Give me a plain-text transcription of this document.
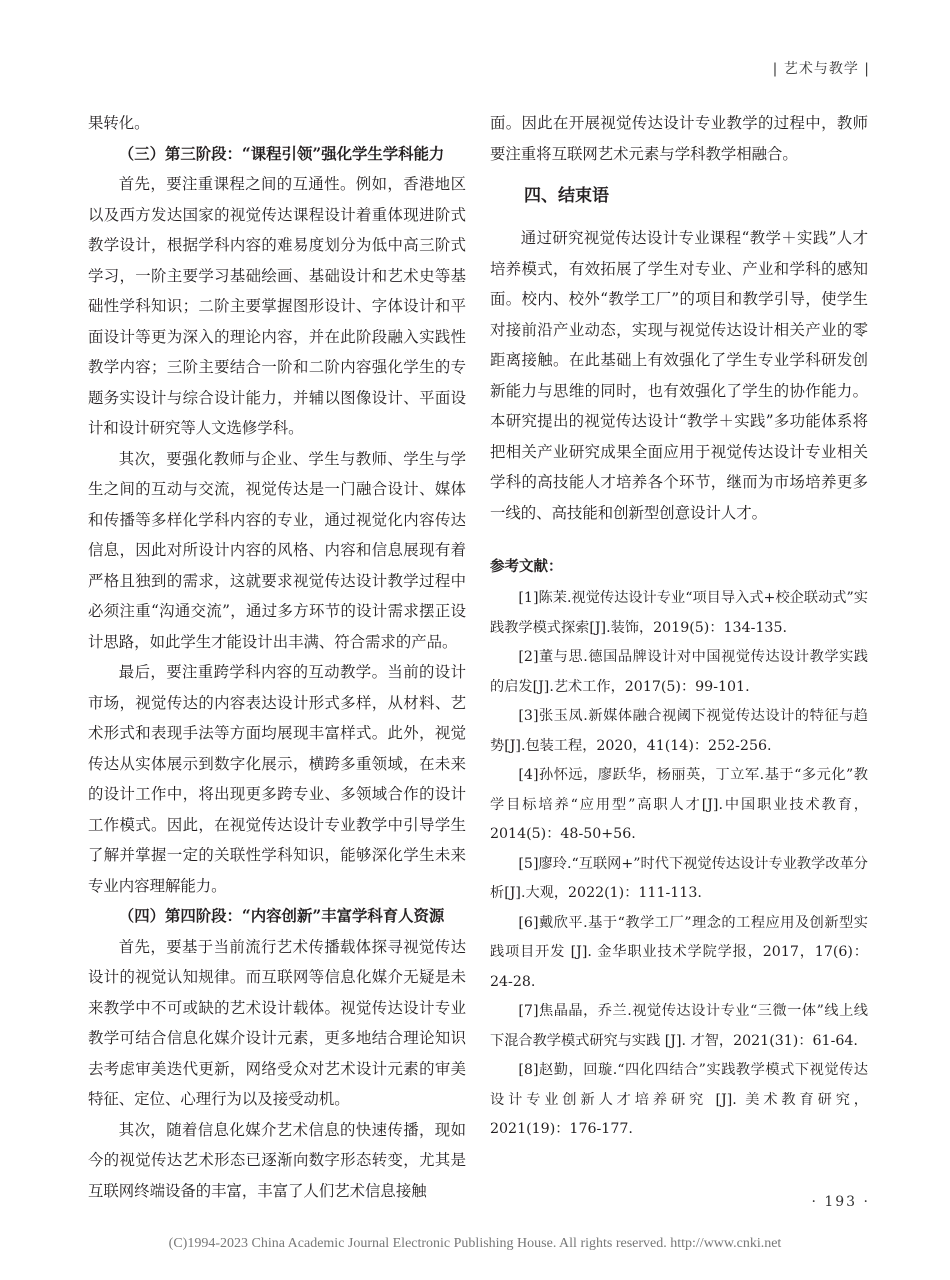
| 艺术与教学 |

果转化。

（三）第三阶段：“课程引领”强化学生学科能力

首先，要注重课程之间的互通性。例如，香港地区以及西方发达国家的视觉传达课程设计着重体现进阶式教学设计，根据学科内容的难易度划分为低中高三阶式学习，一阶主要学习基础绘画、基础设计和艺术史等基础性学科知识；二阶主要掌握图形设计、字体设计和平面设计等更为深入的理论内容，并在此阶段融入实践性教学内容；三阶主要结合一阶和二阶内容强化学生的专题务实设计与综合设计能力，并辅以图像设计、平面设计和设计研究等人文选修学科。

其次，要强化教师与企业、学生与教师、学生与学生之间的互动与交流，视觉传达是一门融合设计、媒体和传播等多样化学科内容的专业，通过视觉化内容传达信息，因此对所设计内容的风格、内容和信息展现有着严格且独到的需求，这就要求视觉传达设计教学过程中必须注重“沟通交流”，通过多方环节的设计需求摆正设计思路，如此学生才能设计出丰满、符合需求的产品。

最后，要注重跨学科内容的互动教学。当前的设计市场，视觉传达的内容表达设计形式多样，从材料、艺术形式和表现手法等方面均展现丰富样式。此外，视觉传达从实体展示到数字化展示，横跨多重领域，在未来的设计工作中，将出现更多跨专业、多领域合作的设计工作模式。因此，在视觉传达设计专业教学中引导学生了解并掌握一定的关联性学科知识，能够深化学生未来专业内容理解能力。

（四）第四阶段：“内容创新”丰富学科育人资源

首先，要基于当前流行艺术传播载体探寻视觉传达设计的视觉认知规律。而互联网等信息化媒介无疑是未来教学中不可或缺的艺术设计载体。视觉传达设计专业教学可结合信息化媒介设计元素，更多地结合理论知识去考虑审美迭代更新，网络受众对艺术设计元素的审美特征、定位、心理行为以及接受动机。

其次，随着信息化媒介艺术信息的快速传播，现如今的视觉传达艺术形态已逐渐向数字形态转变，尤其是互联网终端设备的丰富，丰富了人们艺术信息接触

面。因此在开展视觉传达设计专业教学的过程中，教师要注重将互联网艺术元素与学科教学相融合。

四、结束语

通过研究视觉传达设计专业课程“教学＋实践”人才培养模式，有效拓展了学生对专业、产业和学科的感知面。校内、校外“教学工厂”的项目和教学引导，使学生对接前沿产业动态，实现与视觉传达设计相关产业的零距离接触。在此基础上有效强化了学生专业学科研发创新能力与思维的同时，也有效强化了学生的协作能力。本研究提出的视觉传达设计“教学＋实践”多功能体系将把相关产业研究成果全面应用于视觉传达设计专业相关学科的高技能人才培养各个环节，继而为市场培养更多一线的、高技能和创新型创意设计人才。

参考文献：
[1]陈茉.视觉传达设计专业“项目导入式+校企联动式”实践教学模式探索[J].装饰，2019(5)：134-135.
[2]董与思.德国品牌设计对中国视觉传达设计教学实践的启发[J].艺术工作，2017(5)：99-101.
[3]张玉凤.新媒体融合视阈下视觉传达设计的特征与趋势[J].包装工程，2020，41(14)：252-256.
[4]孙怀远，廖跃华，杨丽英，丁立军.基于“多元化”教学目标培养“应用型”高职人才[J].中国职业技术教育，2014(5)：48-50+56.
[5]廖玲.“互联网+”时代下视觉传达设计专业教学改革分析[J].大观，2022(1)：111-113.
[6]戴欣平.基于“教学工厂”理念的工程应用及创新型实践项目开发 [J]. 金华职业技术学院学报，2017，17(6)：24-28.
[7]焦晶晶，乔兰.视觉传达设计专业“三微一体”线上线下混合教学模式研究与实践 [J]. 才智，2021(31)：61-64.
[8]赵勤，回璇.“四化四结合”实践教学模式下视觉传达设计专业创新人才培养研究 [J]. 美术教育研究，2021(19)：176-177.
· 193 ·
(C)1994-2023 China Academic Journal Electronic Publishing House. All rights reserved. http://www.cnki.net
